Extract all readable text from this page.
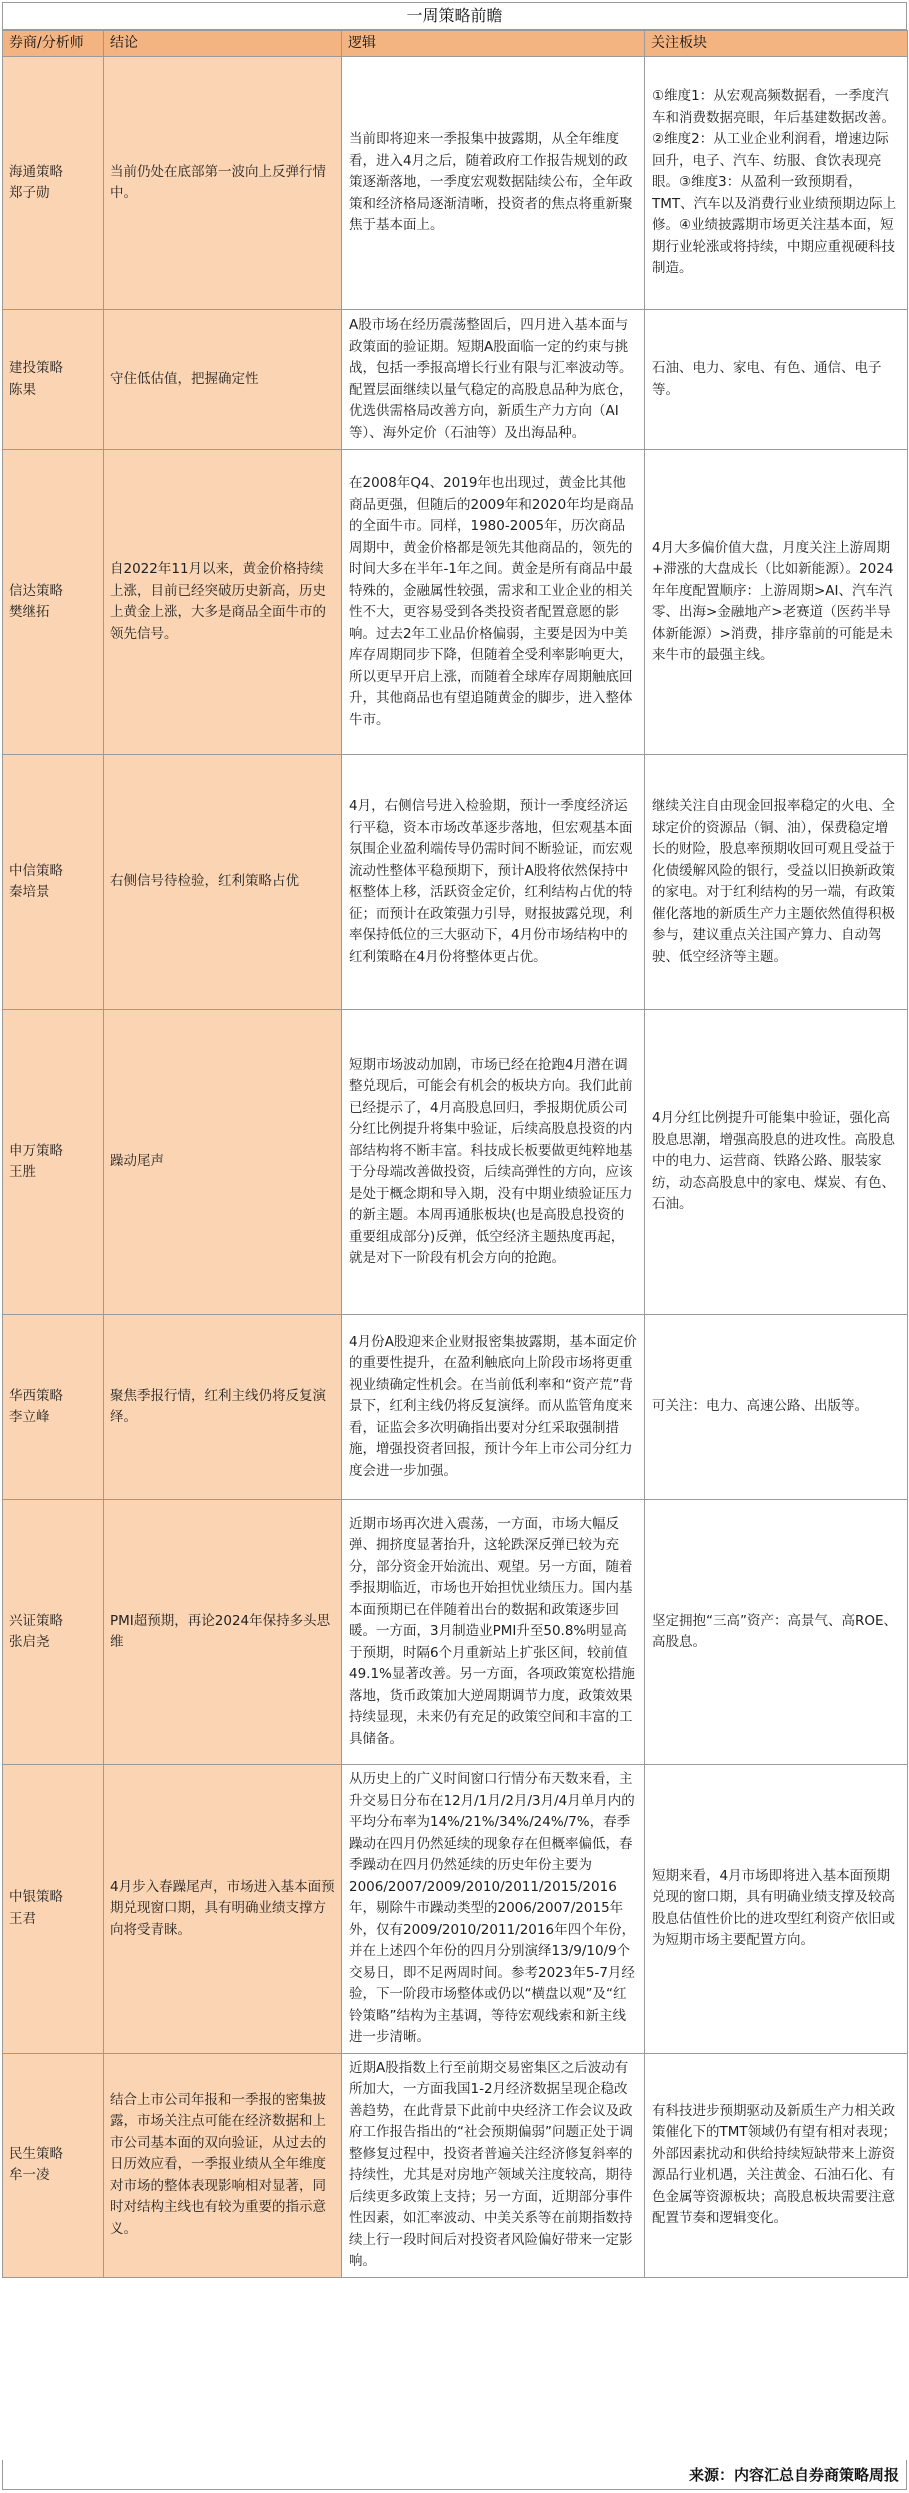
一周策略前瞻
券商/分析师	结论	逻辑	关注板块

海通策略
郑子勋	当前仍处在底部第一波向上反弹行情中。	当前即将迎来一季报集中披露期，从全年维度看，进入4月之后，随着政府工作报告规划的政策逐渐落地，一季度宏观数据陆续公布，全年政策和经济格局逐渐清晰，投资者的焦点将重新聚焦于基本面上。	①维度1：从宏观高频数据看，一季度汽车和消费数据亮眼，年后基建数据改善。②维度2：从工业企业利润看，增速边际回升，电子、汽车、纺服、食饮表现亮眼。③维度3：从盈利一致预期看，TMT、汽车以及消费行业业绩预期边际上修。④业绩披露期市场更关注基本面，短期行业轮涨或将持续，中期应重视硬科技制造。

建投策略
陈果	守住低估值，把握确定性	A股市场在经历震荡整固后，四月进入基本面与政策面的验证期。短期A股面临一定的约束与挑战，包括一季报高增长行业有限与汇率波动等。配置层面继续以量气稳定的高股息品种为底仓，优选供需格局改善方向，新质生产力方向（AI等）、海外定价（石油等）及出海品种。	石油、电力、家电、有色、通信、电子等。

信达策略
樊继拓	自2022年11月以来，黄金价格持续上涨，目前已经突破历史新高，历史上黄金上涨，大多是商品全面牛市的领先信号。	在2008年Q4、2019年也出现过，黄金比其他商品更强，但随后的2009年和2020年均是商品的全面牛市。同样，1980-2005年，历次商品周期中，黄金价格都是领先其他商品的，领先的时间大多在半年-1年之间。黄金是所有商品中最特殊的，金融属性较强，需求和工业企业的相关性不大，更容易受到各类投资者配置意愿的影响。过去2年工业品价格偏弱，主要是因为中美库存周期同步下降，但随着全受利率影响更大，所以更早开启上涨，而随着全球库存周期触底回升，其他商品也有望追随黄金的脚步，进入整体牛市。	4月大多偏价值大盘，月度关注上游周期+滞涨的大盘成长（比如新能源）。2024年年度配置顺序：上游周期>AI、汽车汽零、出海>金融地产>老赛道（医药半导体新能源）>消费，排序靠前的可能是未来牛市的最强主线。

中信策略
秦培景	右侧信号待检验，红利策略占优	4月，右侧信号进入检验期，预计一季度经济运行平稳，资本市场改革逐步落地，但宏观基本面氛围企业盈利端传导仍需时间不断验证，而宏观流动性整体平稳预期下，预计A股将依然保持中枢整体上移，活跃资金定价，红利结构占优的特征；而预计在政策强力引导，财报披露兑现，利率保持低位的三大驱动下，4月份市场结构中的红利策略在4月份将整体更占优。	继续关注自由现金回报率稳定的火电、全球定价的资源品（铜、油），保费稳定增长的财险，股息率预期收回可观且受益于化债缓解风险的银行，受益以旧换新政策的家电。对于红利结构的另一端，有政策催化落地的新质生产力主题依然值得积极参与，建议重点关注国产算力、自动驾驶、低空经济等主题。

申万策略
王胜	躁动尾声	短期市场波动加剧，市场已经在抢跑4月潜在调整兑现后，可能会有机会的板块方向。我们此前已经提示了，4月高股息回归，季报期优质公司分红比例提升将集中验证，后续高股息投资的内部结构将不断丰富。科技成长板要做更纯粹地基于分母端改善做投资，后续高弹性的方向，应该是处于概念期和导入期，没有中期业绩验证压力的新主题。本周再通胀板块(也是高股息投资的重要组成部分)反弹，低空经济主题热度再起，就是对下一阶段有机会方向的抢跑。	4月分红比例提升可能集中验证，强化高股息思潮，增强高股息的进攻性。高股息中的电力、运营商、铁路公路、服装家纺，动态高股息中的家电、煤炭、有色、石油。

华西策略
李立峰	聚焦季报行情，红利主线仍将反复演绎。	4月份A股迎来企业财报密集披露期，基本面定价的重要性提升，在盈利触底向上阶段市场将更重视业绩确定性机会。在当前低利率和“资产荒”背景下，红利主线仍将反复演绎。而从监管角度来看，证监会多次明确指出要对分红采取强制措施，增强投资者回报，预计今年上市公司分红力度会进一步加强。	可关注：电力、高速公路、出版等。

兴证策略
张启尧	PMI超预期，再论2024年保持多头思维	近期市场再次进入震荡，一方面，市场大幅反弹、拥挤度显著抬升，这轮跌深反弹已较为充分，部分资金开始流出、观望。另一方面，随着季报期临近，市场也开始担忧业绩压力。国内基本面预期已在伴随着出台的数据和政策逐步回暖。一方面，3月制造业PMI升至50.8%明显高于预期，时隔6个月重新站上扩张区间，较前值49.1%显著改善。另一方面，各项政策宽松措施落地，货币政策加大逆周期调节力度，政策效果持续显现，未来仍有充足的政策空间和丰富的工具储备。	坚定拥抱“三高”资产：高景气、高ROE、高股息。

中银策略
王君	4月步入春躁尾声，市场进入基本面预期兑现窗口期，具有明确业绩支撑方向将受青睐。	从历史上的广义时间窗口行情分布天数来看，主升交易日分布在12月/1月/2月/3月/4月单月内的平均分布率为14%/21%/34%/24%/7%，春季躁动在四月仍然延续的现象存在但概率偏低，春季躁动在四月仍然延续的历史年份主要为2006/2007/2009/2010/2011/2015/2016年，剔除牛市躁动类型的2006/2007/2015年外，仅有2009/2010/2011/2016年四个年份，并在上述四个年份的四月分别演绎13/9/10/9个交易日，即不足两周时间。参考2023年5-7月经验，下一阶段市场整体或仍以“横盘以观”及“红铃策略”结构为主基调，等待宏观线索和新主线进一步清晰。	短期来看，4月市场即将进入基本面预期兑现的窗口期，具有明确业绩支撑及较高股息估值性价比的进攻型红利资产依旧或为短期市场主要配置方向。

民生策略
牟一凌	结合上市公司年报和一季报的密集披露，市场关注点可能在经济数据和上市公司基本面的双向验证，从过去的日历效应看，一季报业绩从全年维度对市场的整体表现影响相对显著，同时对结构主线也有较为重要的指示意义。	近期A股指数上行至前期交易密集区之后波动有所加大，一方面我国1-2月经济数据呈现企稳改善趋势，在此背景下此前中央经济工作会议及政府工作报告指出的“社会预期偏弱”问题正处于调整修复过程中，投资者普遍关注经济修复斜率的持续性，尤其是对房地产领域关注度较高，期待后续更多政策上支持；另一方面，近期部分事件性因素，如汇率波动、中美关系等在前期指数持续上行一段时间后对投资者风险偏好带来一定影响。	有科技进步预期驱动及新质生产力相关政策催化下的TMT领域仍有望有相对表现；外部因素扰动和供给持续短缺带来上游资源品行业机遇，关注黄金、石油石化、有色金属等资源板块；高股息板块需要注意配置节奏和逻辑变化。
来源：内容汇总自券商策略周报
